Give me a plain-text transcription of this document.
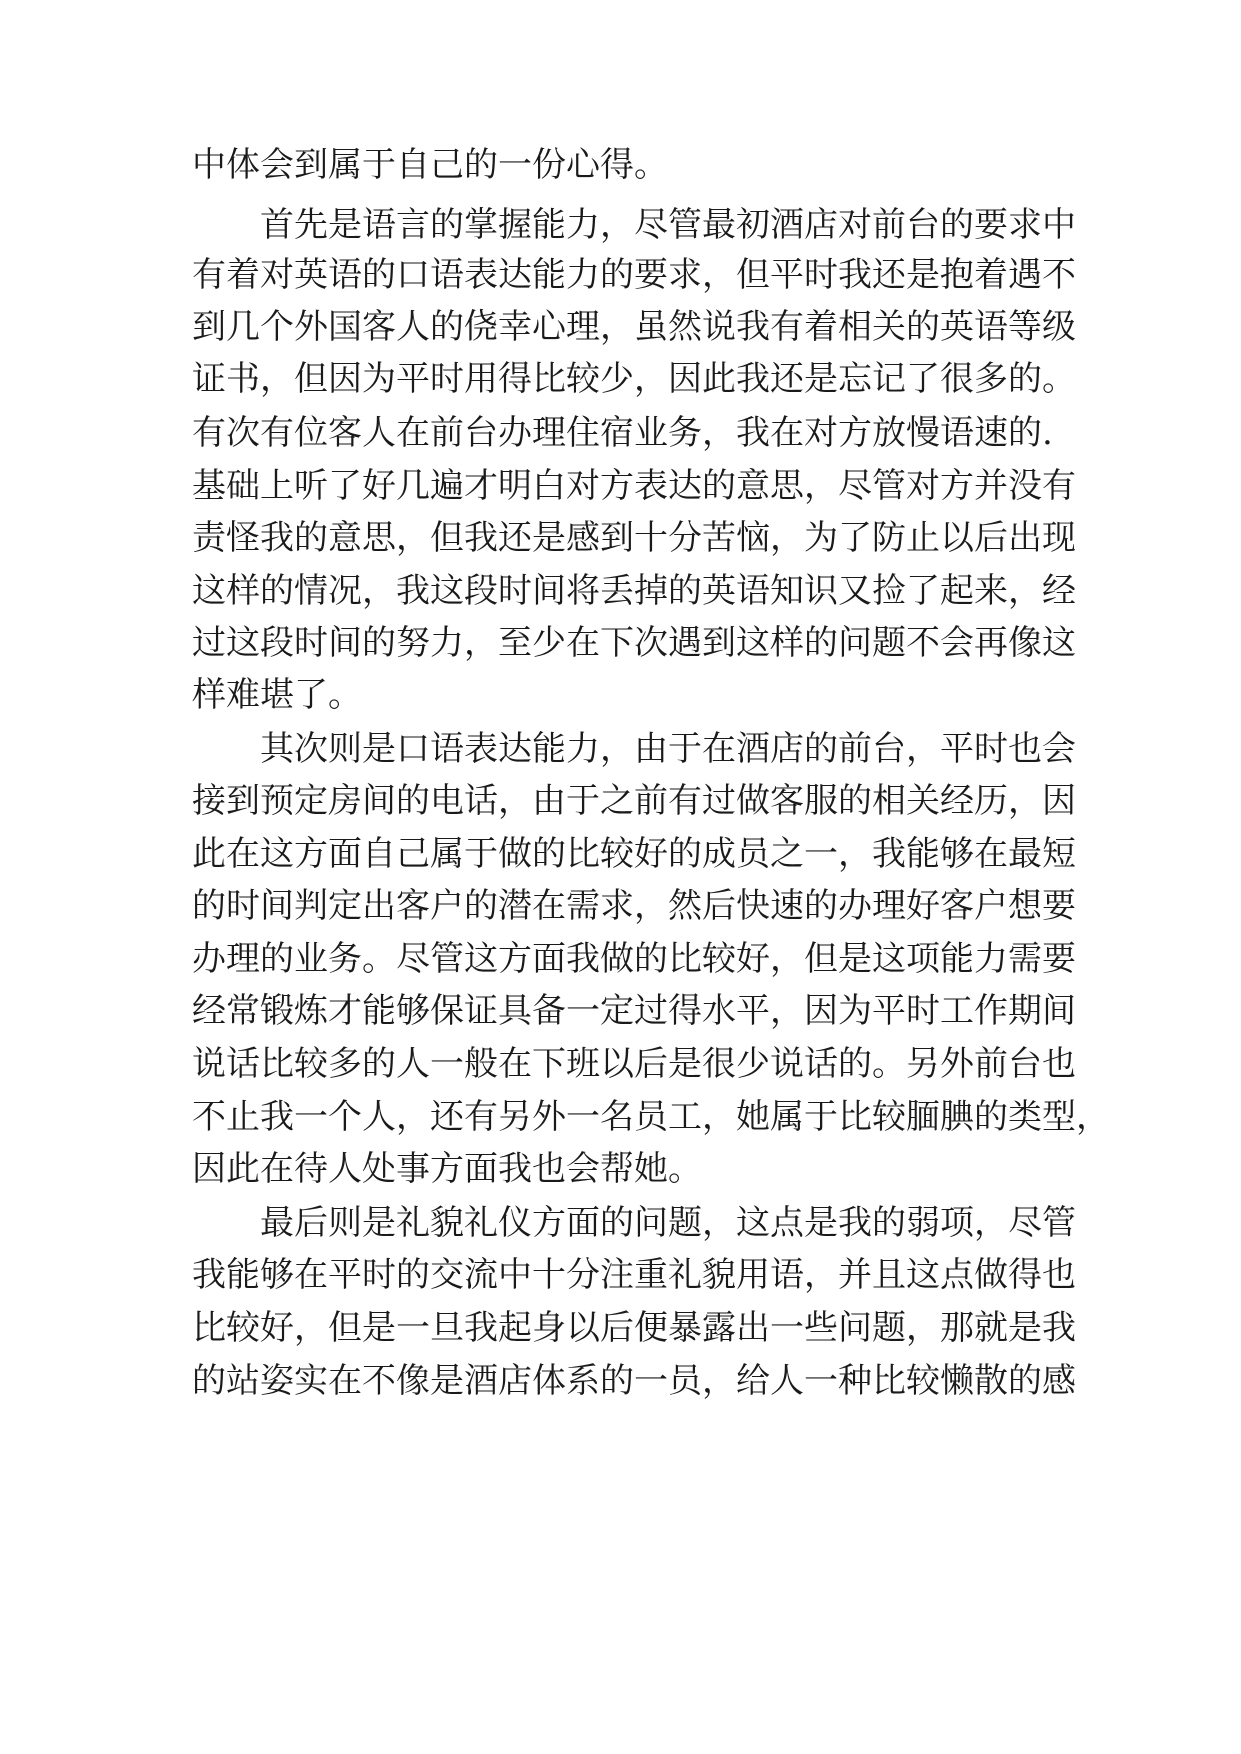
中体会到属于自己的一份心得。
首先是语言的掌握能力，尽管最初酒店对前台的要求中
有着对英语的口语表达能力的要求，但平时我还是抱着遇不
到几个外国客人的侥幸心理，虽然说我有着相关的英语等级
证书，但因为平时用得比较少，因此我还是忘记了很多的。
有次有位客人在前台办理住宿业务，我在对方放慢语速的.
基础上听了好几遍才明白对方表达的意思，尽管对方并没有
责怪我的意思，但我还是感到十分苦恼，为了防止以后出现
这样的情况，我这段时间将丢掉的英语知识又捡了起来，经
过这段时间的努力，至少在下次遇到这样的问题不会再像这
样难堪了。
其次则是口语表达能力，由于在酒店的前台，平时也会
接到预定房间的电话，由于之前有过做客服的相关经历，因
此在这方面自己属于做的比较好的成员之一，我能够在最短
的时间判定出客户的潜在需求，然后快速的办理好客户想要
办理的业务。尽管这方面我做的比较好，但是这项能力需要
经常锻炼才能够保证具备一定过得水平，因为平时工作期间
说话比较多的人一般在下班以后是很少说话的。另外前台也
不止我一个人，还有另外一名员工，她属于比较腼腆的类型，
因此在待人处事方面我也会帮她。
最后则是礼貌礼仪方面的问题，这点是我的弱项，尽管
我能够在平时的交流中十分注重礼貌用语，并且这点做得也
比较好，但是一旦我起身以后便暴露出一些问题，那就是我
的站姿实在不像是酒店体系的一员，给人一种比较懒散的感
